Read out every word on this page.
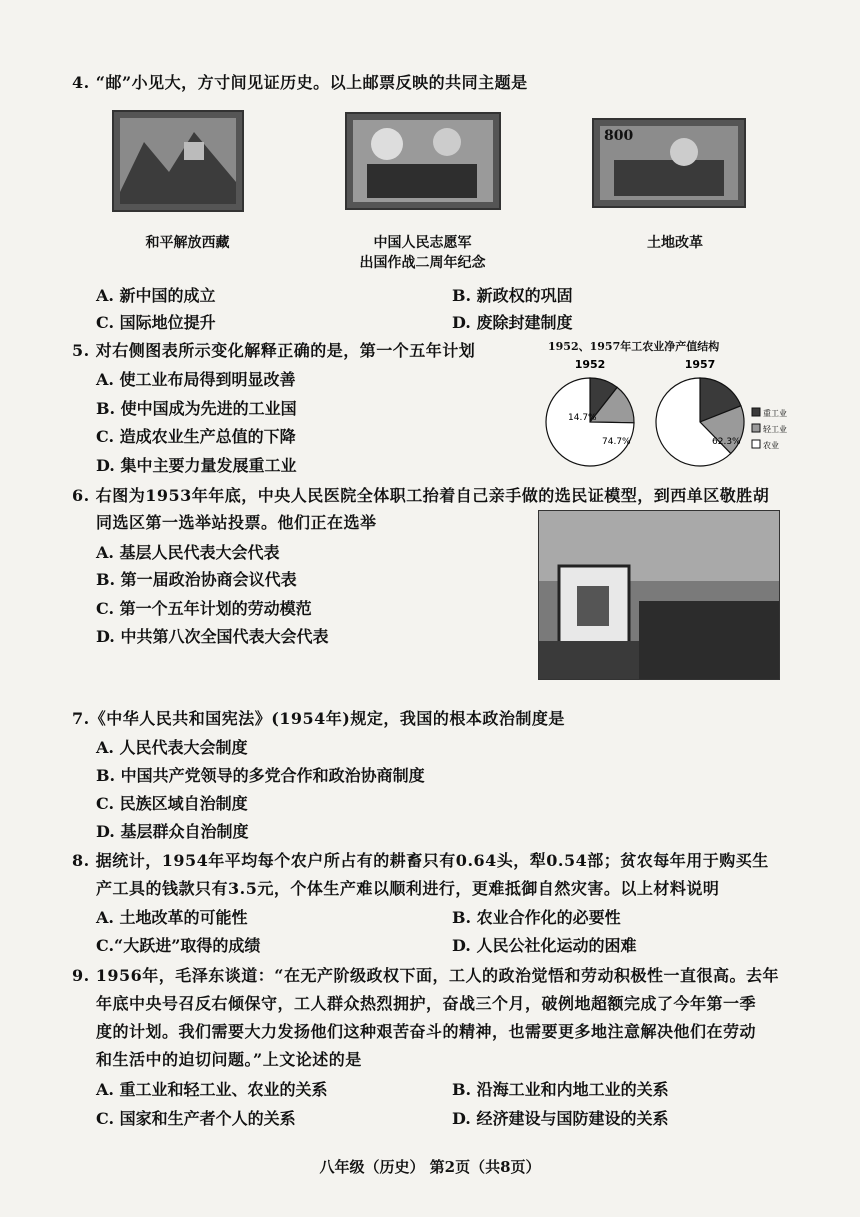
4. “邮”小见大，方寸间见证历史。以上邮票反映的共同主题是
800
和平解放西藏	中国人民志愿军
出国作战二周年纪念
土地改革
A. 新中国的成立	B. 新政权的巩固
C. 国际地位提升	D. 废除封建制度
5. 对右侧图表所示变化解释正确的是，第一个五年计划
A. 使工业布局得到明显改善
B. 使中国成为先进的工业国
C. 造成农业生产总值的下降
D. 集中主要力量发展重工业
1952、1957年工农业净产值结构
1952
14.7%
74.7%
1957
62.3%
重工业
轻工业
农业
6. 右图为1953年年底，中央人民医院全体职工抬着自己亲手做的选民证模型，到西单区敬胜胡
同选区第一选举站投票。他们正在选举
A. 基层人民代表大会代表
B. 第一届政治协商会议代表
C. 第一个五年计划的劳动模范
D. 中共第八次全国代表大会代表
7.《中华人民共和国宪法》(1954年)规定，我国的根本政治制度是
A. 人民代表大会制度
B. 中国共产党领导的多党合作和政治协商制度
C. 民族区域自治制度
D. 基层群众自治制度
8. 据统计，1954年平均每个农户所占有的耕畜只有0.64头，犁0.54部；贫农每年用于购买生
产工具的钱款只有3.5元，个体生产难以顺利进行，更难抵御自然灾害。以上材料说明
A. 土地改革的可能性	B. 农业合作化的必要性
C.“大跃进”取得的成绩	D. 人民公社化运动的困难
9. 1956年，毛泽东谈道：“在无产阶级政权下面，工人的政治觉悟和劳动积极性一直很高。去年
年底中央号召反右倾保守，工人群众热烈拥护，奋战三个月，破例地超额完成了今年第一季
度的计划。我们需要大力发扬他们这种艰苦奋斗的精神，也需要更多地注意解决他们在劳动
和生活中的迫切问题。”上文论述的是
A. 重工业和轻工业、农业的关系	B. 沿海工业和内地工业的关系
C. 国家和生产者个人的关系	D. 经济建设与国防建设的关系
八年级（历史） 第2页（共8页）
